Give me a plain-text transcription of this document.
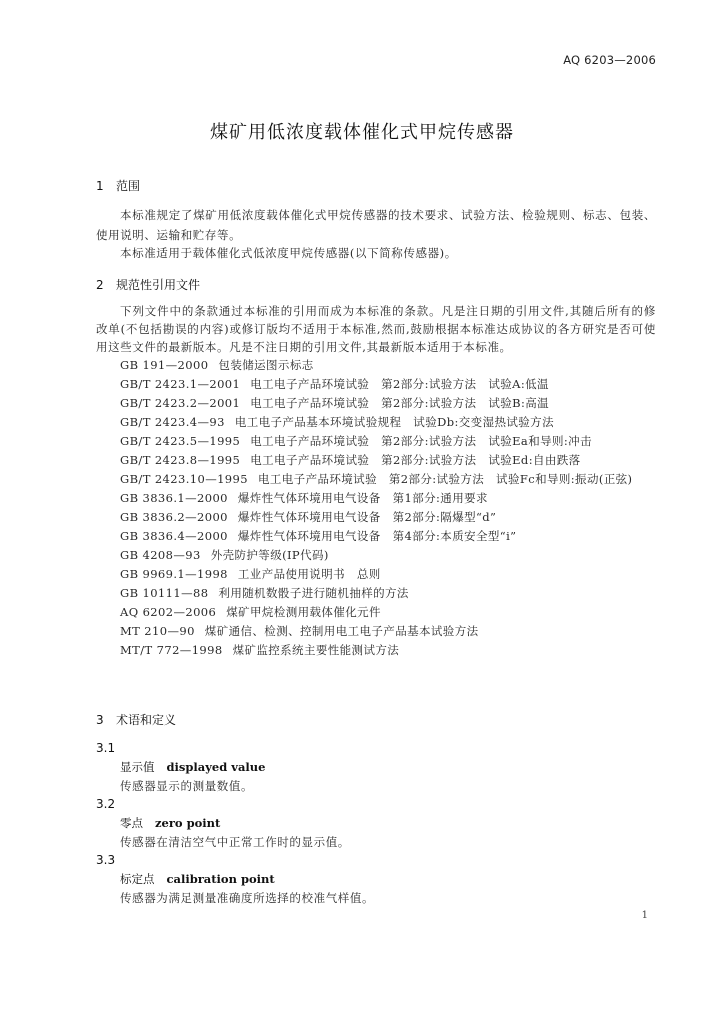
AQ 6203—2006
煤矿用低浓度载体催化式甲烷传感器
1 范围
本标准规定了煤矿用低浓度载体催化式甲烷传感器的技术要求、试验方法、检验规则、标志、包装、使用说明、运输和贮存等。
本标准适用于载体催化式低浓度甲烷传感器(以下简称传感器)。
2 规范性引用文件
下列文件中的条款通过本标准的引用而成为本标准的条款。凡是注日期的引用文件,其随后所有的修改单(不包括勘误的内容)或修订版均不适用于本标准,然而,鼓励根据本标准达成协议的各方研究是否可使用这些文件的最新版本。凡是不注日期的引用文件,其最新版本适用于本标准。
GB 191—2000 包装储运图示标志
GB/T 2423.1—2001 电工电子产品环境试验　第2部分:试验方法　试验A:低温
GB/T 2423.2—2001 电工电子产品环境试验　第2部分:试验方法　试验B:高温
GB/T 2423.4—93 电工电子产品基本环境试验规程　试验Db:交变湿热试验方法
GB/T 2423.5—1995 电工电子产品环境试验　第2部分:试验方法　试验Ea和导则:冲击
GB/T 2423.8—1995 电工电子产品环境试验　第2部分:试验方法　试验Ed:自由跌落
GB/T 2423.10—1995 电工电子产品环境试验　第2部分:试验方法　试验Fc和导则:振动(正弦)
GB 3836.1—2000 爆炸性气体环境用电气设备　第1部分:通用要求
GB 3836.2—2000 爆炸性气体环境用电气设备　第2部分:隔爆型“d”
GB 3836.4—2000 爆炸性气体环境用电气设备　第4部分:本质安全型“i”
GB 4208—93 外壳防护等级(IP代码)
GB 9969.1—1998 工业产品使用说明书　总则
GB 10111—88 利用随机数骰子进行随机抽样的方法
AQ 6202—2006 煤矿甲烷检测用载体催化元件
MT 210—90 煤矿通信、检测、控制用电工电子产品基本试验方法
MT/T 772—1998 煤矿监控系统主要性能测试方法
3 术语和定义
3.1
显示值 displayed value
传感器显示的测量数值。
3.2
零点 zero point
传感器在清洁空气中正常工作时的显示值。
3.3
标定点 calibration point
传感器为满足测量准确度所选择的校准气样值。
1
